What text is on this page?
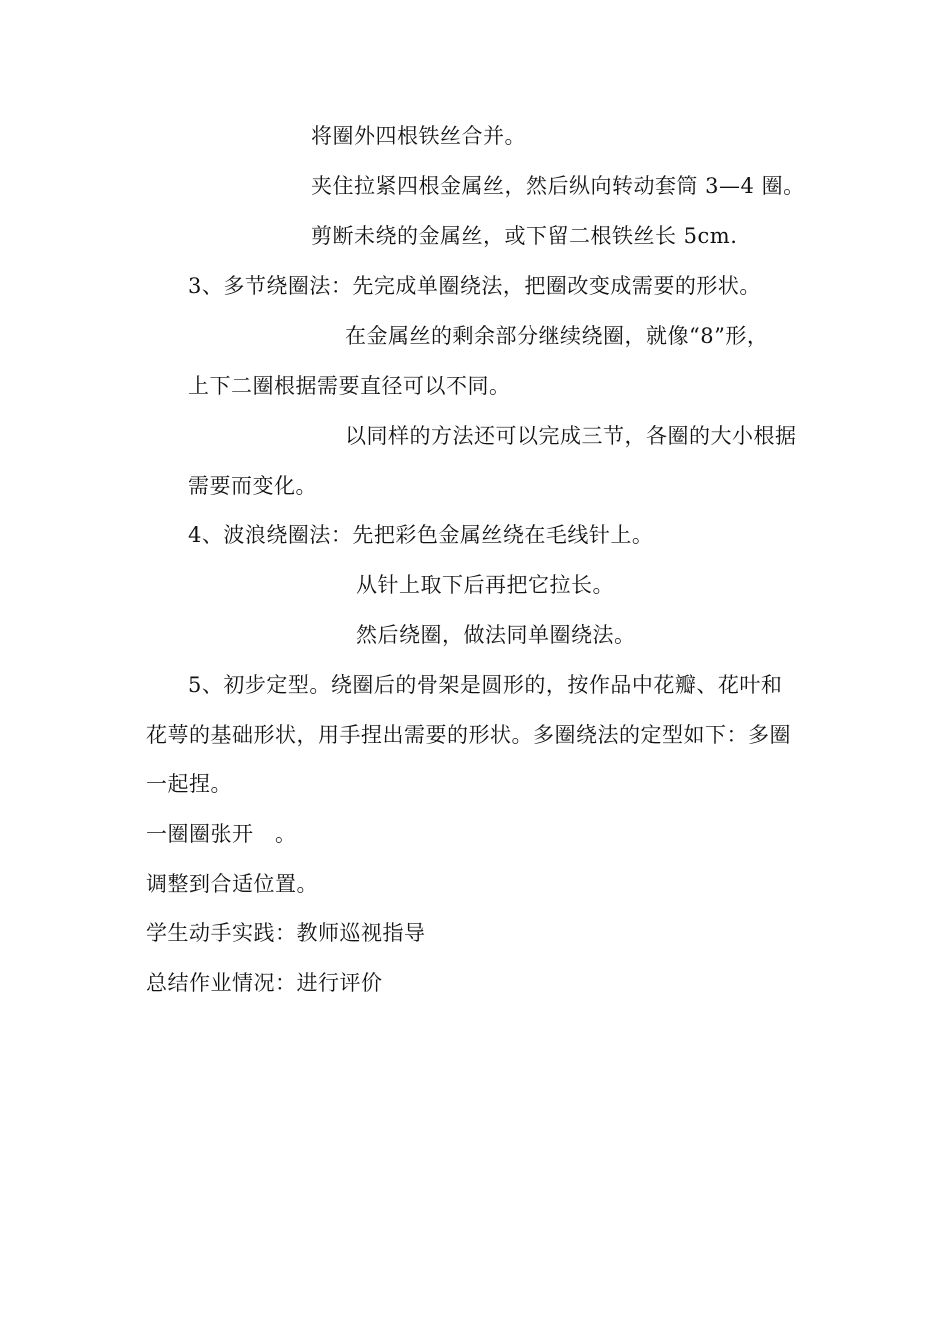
将圈外四根铁丝合并。
夹住拉紧四根金属丝，然后纵向转动套筒 3—4 圈。
剪断未绕的金属丝，或下留二根铁丝长 5cm.
3、多节绕圈法：先完成单圈绕法，把圈改变成需要的形状。
在金属丝的剩余部分继续绕圈，就像“8”形，
上下二圈根据需要直径可以不同。
以同样的方法还可以完成三节，各圈的大小根据
需要而变化。
4、波浪绕圈法：先把彩色金属丝绕在毛线针上。
从针上取下后再把它拉长。
然后绕圈，做法同单圈绕法。
5、初步定型。绕圈后的骨架是圆形的，按作品中花瓣、花叶和
花萼的基础形状，用手捏出需要的形状。多圈绕法的定型如下：多圈
一起捏。
一圈圈张开　。
调整到合适位置。
学生动手实践：教师巡视指导
总结作业情况：进行评价
